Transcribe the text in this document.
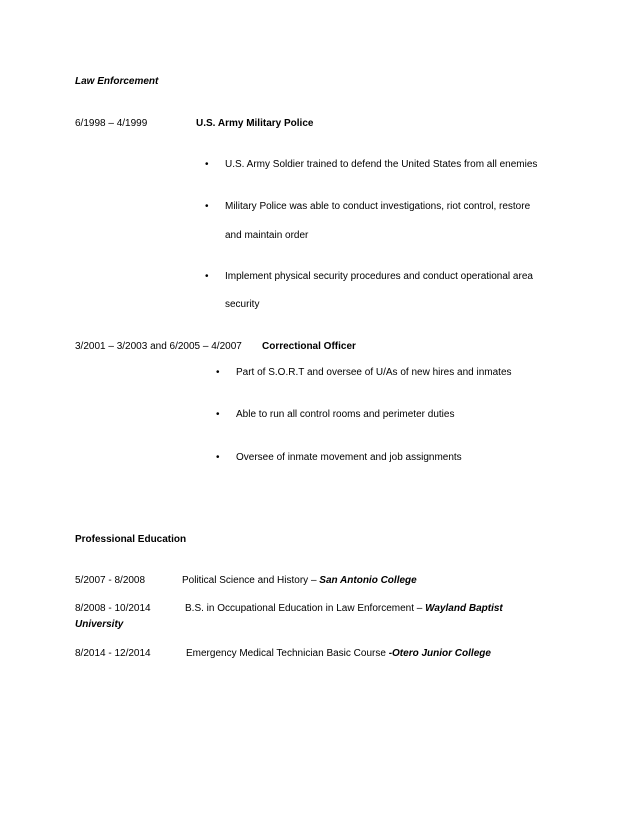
Law Enforcement
6/1998 – 4/1999	U.S. Army Military Police
• U.S. Army Soldier trained to defend the United States from all enemies
• Military Police was able to conduct investigations, riot control, restore
and maintain order
• Implement physical security procedures and conduct operational area
security
3/2001 – 3/2003 and 6/2005 – 4/2007 Correctional Officer
• Part of S.O.R.T and oversee of U/As of new hires and inmates
• Able to run all control rooms and perimeter duties
• Oversee of inmate movement and job assignments
Professional Education
5/2007 - 8/2008	Political Science and History – San Antonio College
8/2008 - 10/2014	B.S. in Occupational Education in Law Enforcement – Wayland Baptist
University
8/2014 - 12/2014	Emergency Medical Technician Basic Course -Otero Junior College
